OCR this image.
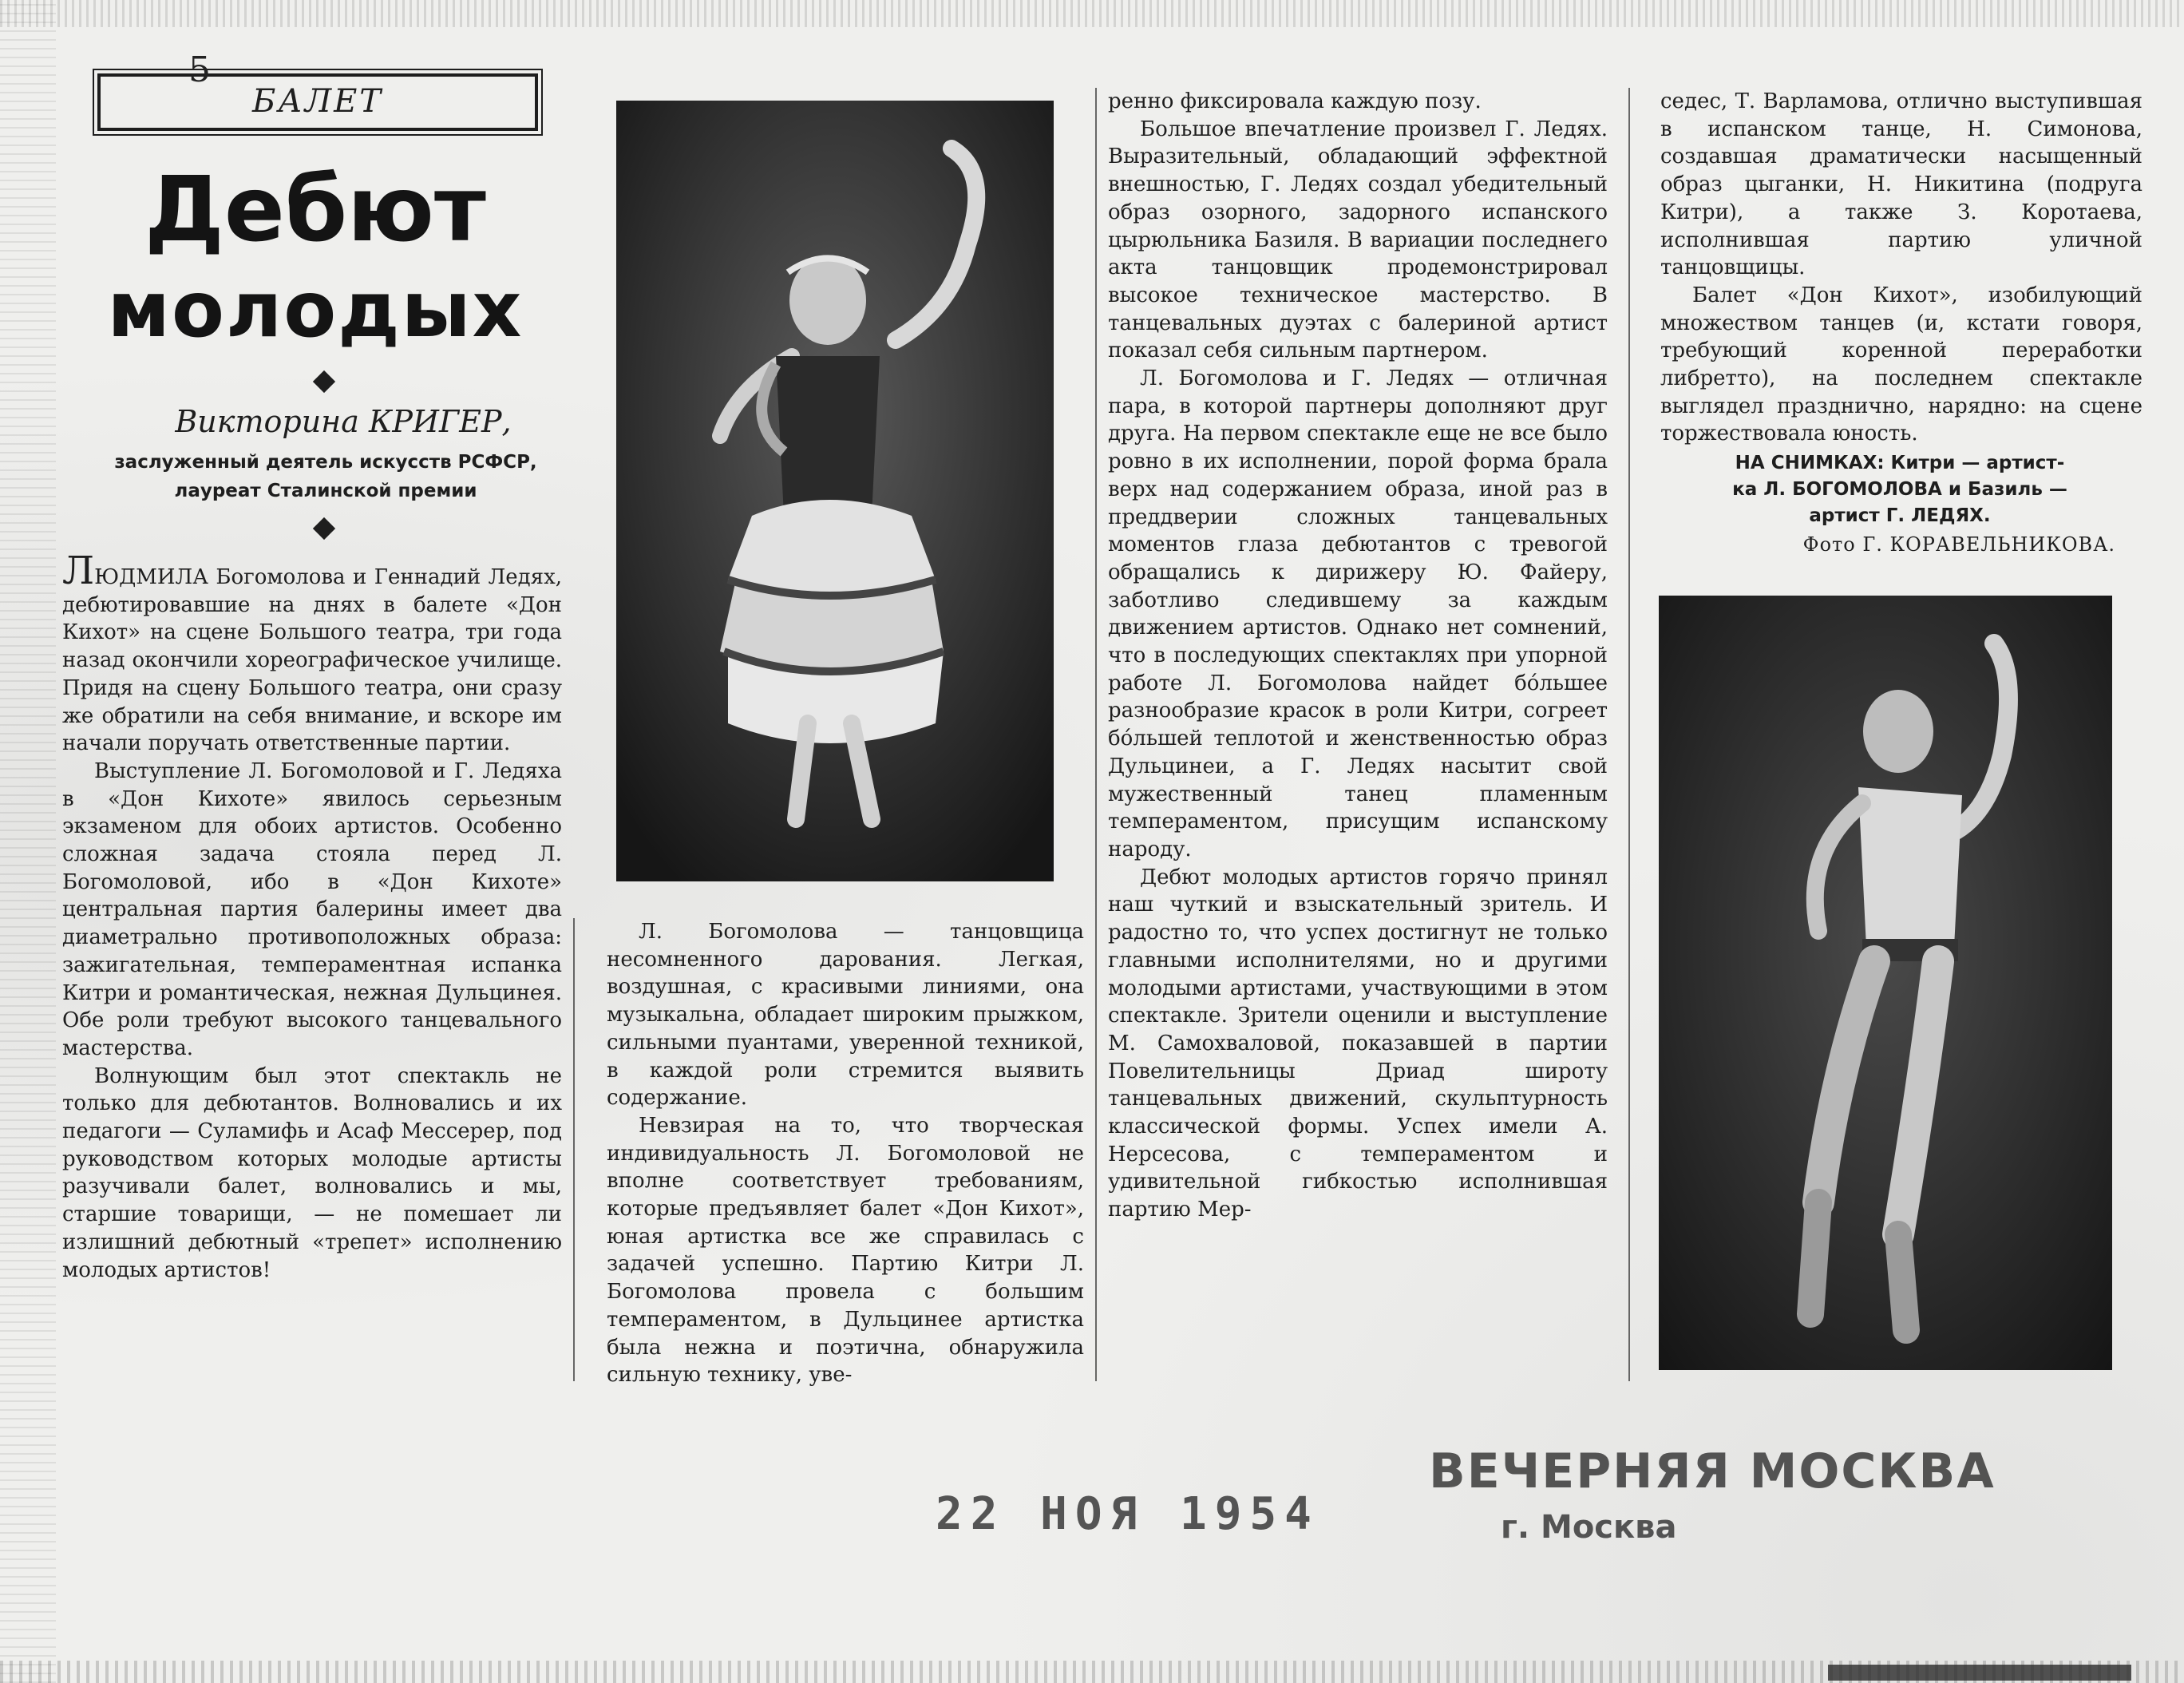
БАЛЕТ
Дебют
молодых
Викторина КРИГЕР,
заслуженный деятель искусств РСФСР,
лауреат Сталинской премии

ЛЮДМИЛА Богомолова и Геннадий Ледях, дебютировавшие на днях в балете «Дон Кихот» на сцене Большого театра, три года назад окончили хореографическое училище. Придя на сцену Большого театра, они сразу же обратили на себя внимание, и вскоре им начали поручать ответственные партии.

Выступление Л. Богомоловой и Г. Ледяха в «Дон Кихоте» явилось серьезным экзаменом для обоих артистов. Особенно сложная задача стояла перед Л. Богомоловой, ибо в «Дон Кихоте» центральная партия балерины имеет два диаметрально противоположных образа: зажигательная, темпераментная испанка Китри и романтическая, нежная Дульцинея. Обе роли требуют высокого танцевального мастерства.

Волнующим был этот спектакль не только для дебютантов. Волновались и их педагоги — Суламифь и Асаф Мессерер, под руководством которых молодые артисты разучивали балет, волновались и мы, старшие товарищи, — не помешает ли излишний дебютный «трепет» исполнению молодых артистов!

Л. Богомолова — танцовщица несомненного дарования. Легкая, воздушная, с красивыми линиями, она музыкальна, обладает широким прыжком, сильными пуантами, уверенной техникой, в каждой роли стремится выявить содержание.

Невзирая на то, что творческая индивидуальность Л. Богомоловой не вполне соответствует требованиям, которые предъявляет балет «Дон Кихот», юная артистка все же справилась с задачей успешно. Партию Китри Л. Богомолова провела с большим темпераментом, в Дульцинее артистка была нежна и поэтична, обнаружила сильную технику, уве-

ренно фиксировала каждую позу.

Большое впечатление произвел Г. Ледях. Выразительный, обладающий эффектной внешностью, Г. Ледях создал убедительный образ озорного, задорного испанского цырюльника Базиля. В вариации последнего акта танцовщик продемонстрировал высокое техническое мастерство. В танцевальных дуэтах с балериной артист показал себя сильным партнером.

Л. Богомолова и Г. Ледях — отличная пара, в которой партнеры дополняют друг друга. На первом спектакле еще не все было ровно в их исполнении, порой форма брала верх над содержанием образа, иной раз в преддверии сложных танцевальных моментов глаза дебютантов с тревогой обращались к дирижеру Ю. Файеру, заботливо следившему за каждым движением артистов. Однако нет сомнений, что в последующих спектаклях при упорной работе Л. Богомолова найдет бо́льшее разнообразие красок в роли Китри, согреет бо́льшей теплотой и женственностью образ Дульцинеи, а Г. Ледях насытит свой мужественный танец пламенным темпераментом, присущим испанскому народу.

Дебют молодых артистов горячо принял наш чуткий и взыскательный зритель. И радостно то, что успех достигнут не только главными исполнителями, но и другими молодыми артистами, участвующими в этом спектакле. Зрители оценили и выступление М. Самохваловой, показавшей в партии Повелительницы Дриад широту танцевальных движений, скульптурность классической формы. Успех имели А. Нерсесова, с темпераментом и удивительной гибкостью исполнившая партию Мер-

седес, Т. Варламова, отлично выступившая в испанском танце, Н. Симонова, создавшая драматически насыщенный образ цыганки, Н. Никитина (подруга Китри), а также З. Коротаева, исполнившая партию уличной танцовщицы.

Балет «Дон Кихот», изобилующий множеством танцев (и, кстати говоря, требующий коренной переработки либретто), на последнем спектакле выглядел празднично, нарядно: на сцене торжествовала юность.

НА СНИМКАХ: Китри — артист-
ка Л. БОГОМОЛОВА и Базиль —
артист Г. ЛЕДЯХ.
Фото Г. КОРАВЕЛЬНИКОВА.
22 НОЯ 1954
ВЕЧЕРНЯЯ МОСКВА
г. Москва
5
